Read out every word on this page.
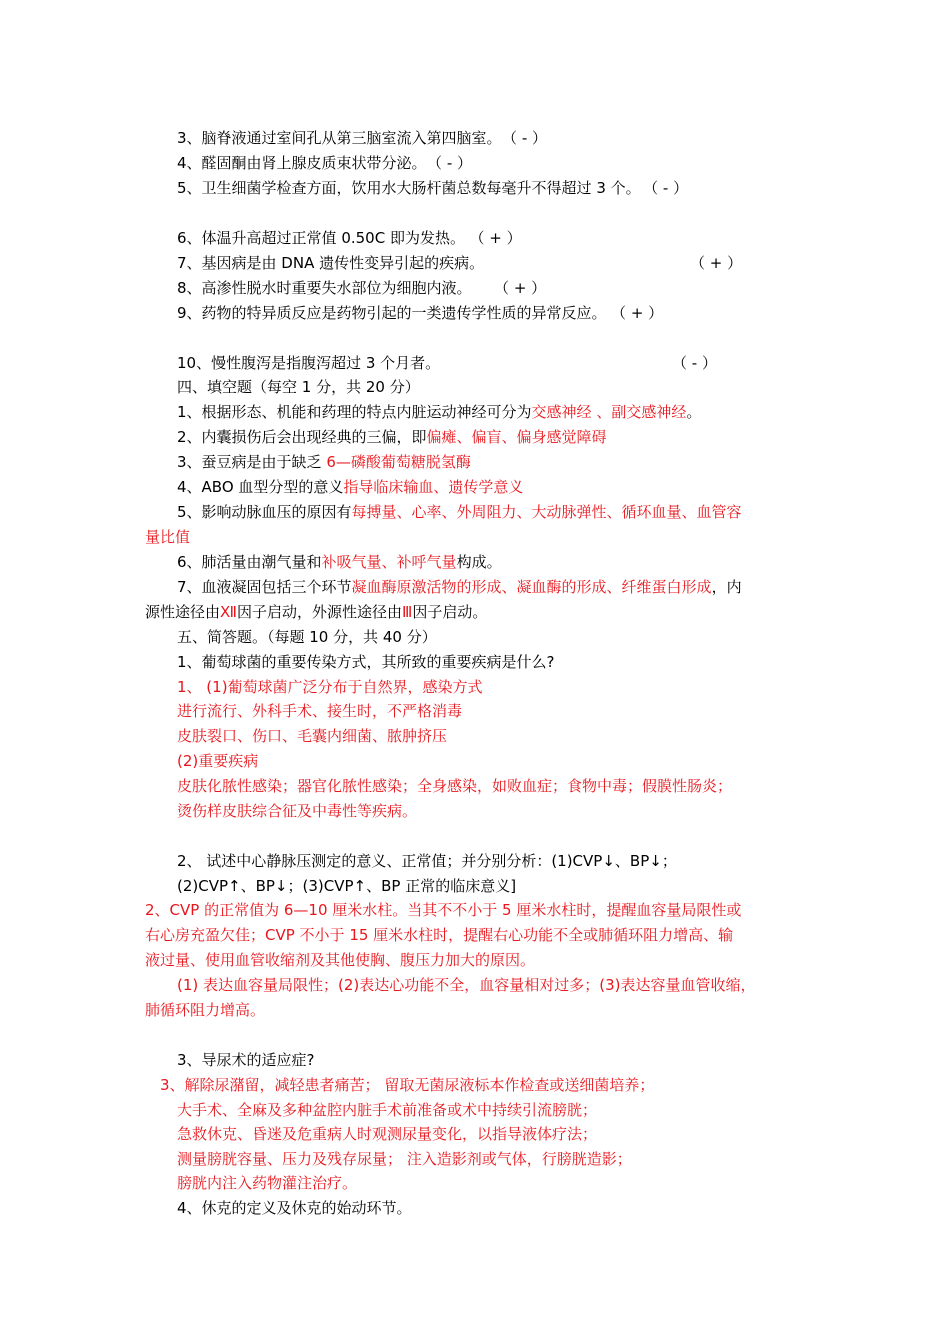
3、脑脊液通过室间孔从第三脑室流入第四脑室。 （ - ）
4、醛固酮由肾上腺皮质束状带分泌。 （ - ）
5、卫生细菌学检查方面，饮用水大肠杆菌总数每毫升不得超过 3 个。 （ - ）
6、体温升高超过正常值 0.50C 即为发热。 （ + ）
7、基因病是由 DNA 遗传性变异引起的疾病。	（ + ）
8、高渗性脱水时重要失水部位为细胞内液。 （ + ）
9、药物的特异质反应是药物引起的一类遗传学性质的异常反应。 （ + ）
10、慢性腹泻是指腹泻超过 3 个月者。	（ - ）
四、填空题（每空 1 分，共 20 分）
1、根据形态、机能和药理的特点内脏运动神经可分为交感神经 、副交感神经。
2、内囊损伤后会出现经典的三偏，即偏瘫、偏盲、偏身感觉障碍
3、蚕豆病是由于缺乏 6—磷酸葡萄糖脱氢酶
4、ABO 血型分型的意义指导临床输血、遗传学意义
5、影响动脉血压的原因有每搏量、心率、外周阻力、大动脉弹性、循环血量、血管容
量比值
6、肺活量由潮气量和补吸气量、补呼气量构成。
7、血液凝固包括三个环节凝血酶原激活物的形成、凝血酶的形成、纤维蛋白形成，内
源性途径由Ⅻ因子启动，外源性途径由Ⅲ因子启动。
五、简答题。（每题 10 分，共 40 分）
1、葡萄球菌的重要传染方式，其所致的重要疾病是什么?
1、 (1)葡萄球菌广泛分布于自然界，感染方式
进行流行、外科手术、接生时，不严格消毒
皮肤裂口、伤口、毛囊内细菌、脓肿挤压
(2)重要疾病
皮肤化脓性感染；器官化脓性感染；全身感染，如败血症；食物中毒；假膜性肠炎；
烫伤样皮肤综合征及中毒性等疾病。
2、 试述中心静脉压测定的意义、正常值；并分别分析：(1)CVP↓、BP↓；
(2)CVP↑、BP↓；(3)CVP↑、BP 正常的临床意义]
2、CVP 的正常值为 6—10 厘米水柱。当其不不小于 5 厘米水柱时，提醒血容量局限性或
右心房充盈欠佳；CVP 不小于 15 厘米水柱时，提醒右心功能不全或肺循环阻力增高、输
液过量、使用血管收缩剂及其他使胸、腹压力加大的原因。
(1) 表达血容量局限性；(2)表达心功能不全，血容量相对过多；(3)表达容量血管收缩，
肺循环阻力增高。
3、导尿术的适应症?
3、解除尿潴留，减轻患者痛苦； 留取无菌尿液标本作检查或送细菌培养；
大手术、全麻及多种盆腔内脏手术前准备或术中持续引流膀胱；
急救休克、昏迷及危重病人时观测尿量变化，以指导液体疗法；
测量膀胱容量、压力及残存尿量； 注入造影剂或气体，行膀胱造影；
膀胱内注入药物灌注治疗。
4、休克的定义及休克的始动环节。
